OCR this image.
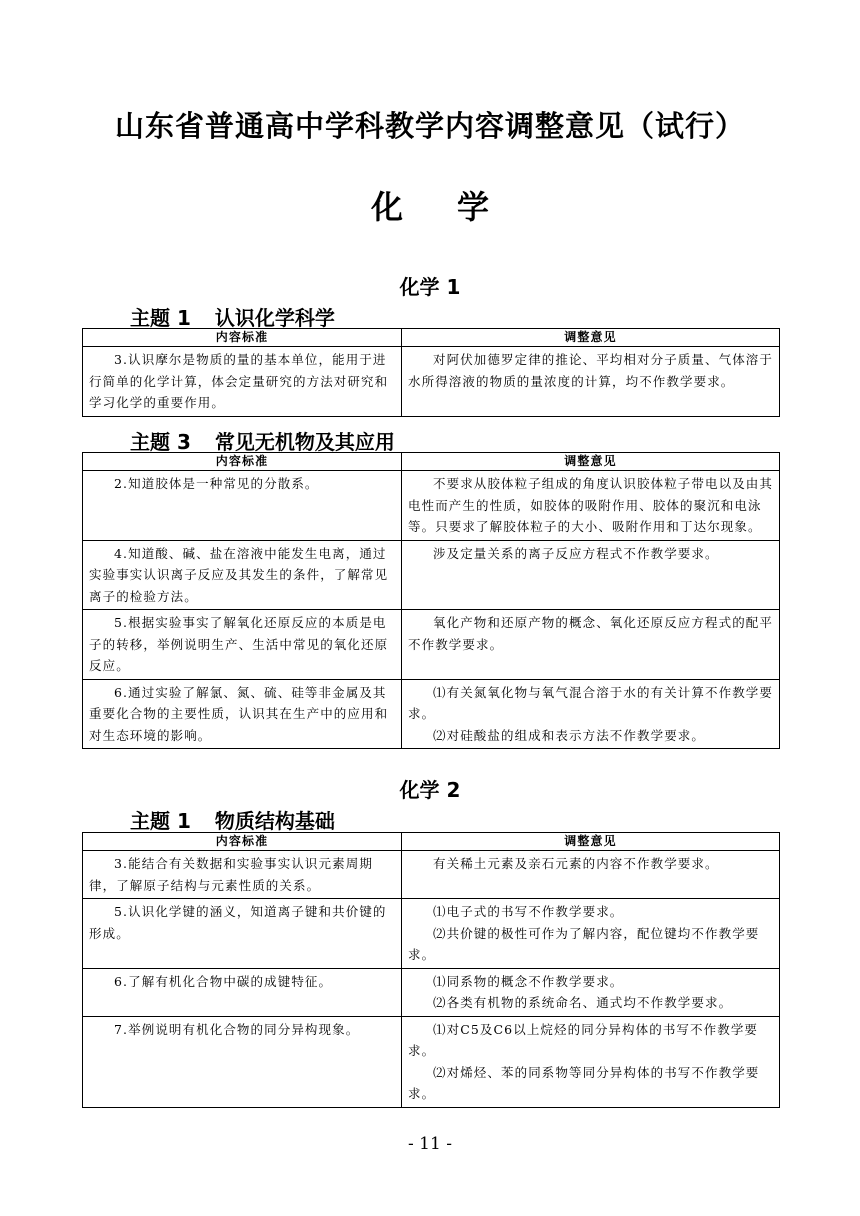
山东省普通高中学科教学内容调整意见（试行）
化学
化学 1
主题 1 认识化学科学
内容标准	调整意见

3.认识摩尔是物质的量的基本单位，能用于进行简单的化学计算，体会定量研究的方法对研究和学习化学的重要作用。	对阿伏加德罗定律的推论、平均相对分子质量、气体溶于水所得溶液的物质的量浓度的计算，均不作教学要求。
主题 3 常见无机物及其应用
内容标准	调整意见

2.知道胶体是一种常见的分散系。	不要求从胶体粒子组成的角度认识胶体粒子带电以及由其电性而产生的性质，如胶体的吸附作用、胶体的聚沉和电泳等。只要求了解胶体粒子的大小、吸附作用和丁达尔现象。

4.知道酸、碱、盐在溶液中能发生电离，通过实验事实认识离子反应及其发生的条件，了解常见离子的检验方法。	涉及定量关系的离子反应方程式不作教学要求。

5.根据实验事实了解氧化还原反应的本质是电子的转移，举例说明生产、生活中常见的氧化还原反应。	氧化产物和还原产物的概念、氧化还原反应方程式的配平不作教学要求。

6.通过实验了解氯、氮、硫、硅等非金属及其重要化合物的主要性质，认识其在生产中的应用和对生态环境的影响。	⑴有关氮氧化物与氧气混合溶于水的有关计算不作教学要求。
⑵对硅酸盐的组成和表示方法不作教学要求。
化学 2
主题 1 物质结构基础
内容标准	调整意见

3.能结合有关数据和实验事实认识元素周期律，了解原子结构与元素性质的关系。	有关稀土元素及亲石元素的内容不作教学要求。

5.认识化学键的涵义，知道离子键和共价键的形成。	⑴电子式的书写不作教学要求。
⑵共价键的极性可作为了解内容，配位键均不作教学要求。

6.了解有机化合物中碳的成键特征。	⑴同系物的概念不作教学要求。
⑵各类有机物的系统命名、通式均不作教学要求。

7.举例说明有机化合物的同分异构现象。	⑴对C5及C6以上烷烃的同分异构体的书写不作教学要求。
⑵对烯烃、苯的同系物等同分异构体的书写不作教学要求。
- 11 -
